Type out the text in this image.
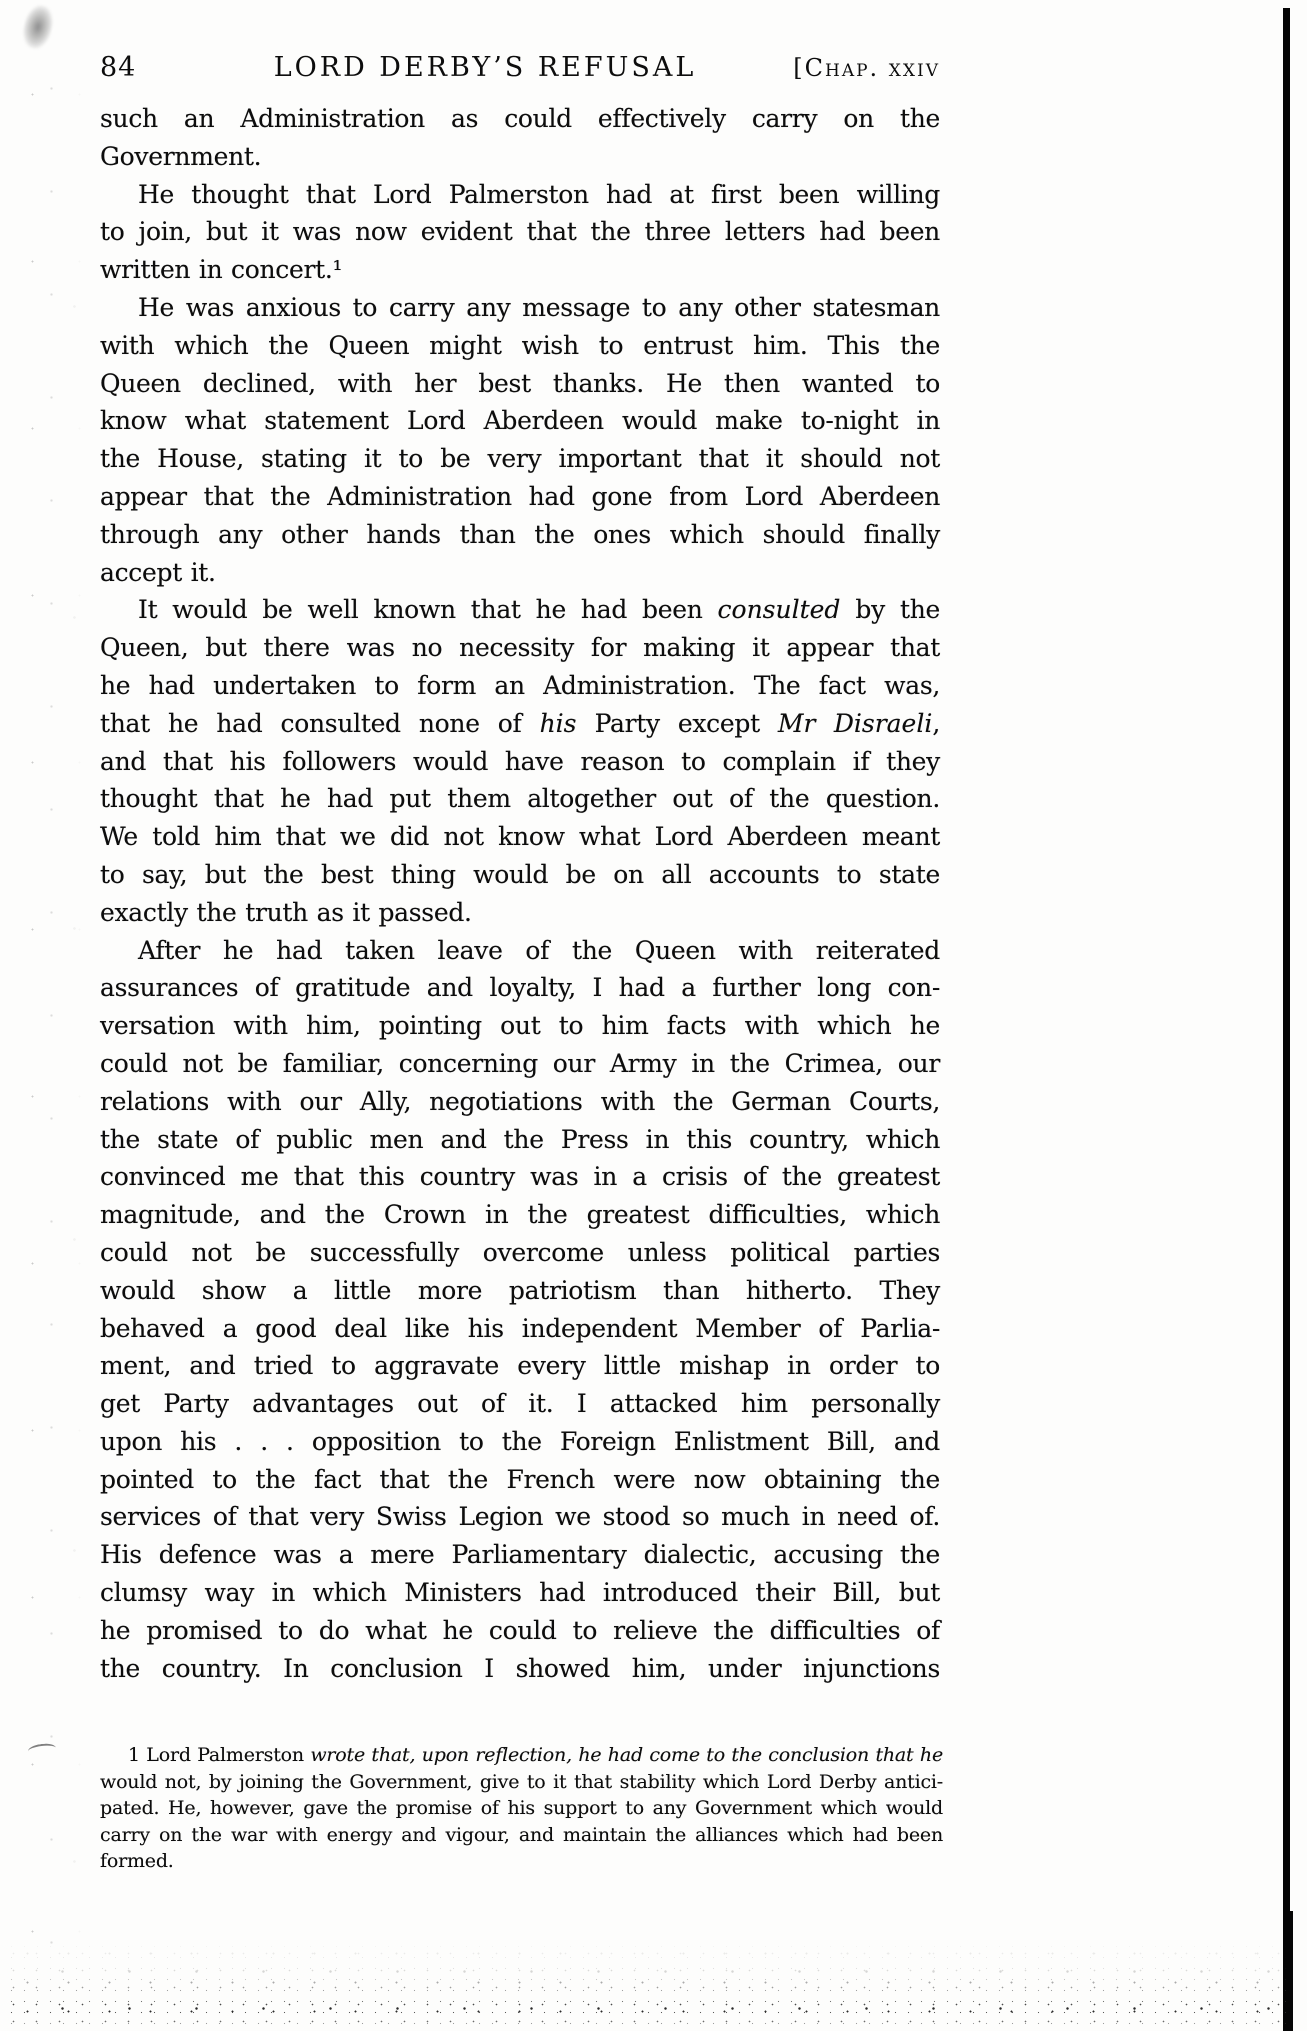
84	LORD DERBY’S REFUSAL	[Chap. xxiv
such an Administration as could effectively carry on the
Government.
He thought that Lord Palmerston had at first been willing
to join, but it was now evident that the three letters had been
written in concert.¹
He was anxious to carry any message to any other statesman
with which the Queen might wish to entrust him. This the
Queen declined, with her best thanks. He then wanted to
know what statement Lord Aberdeen would make to-night in
the House, stating it to be very important that it should not
appear that the Administration had gone from Lord Aberdeen
through any other hands than the ones which should finally
accept it.
It would be well known that he had been consulted by the
Queen, but there was no necessity for making it appear that
he had undertaken to form an Administration. The fact was,
that he had consulted none of his Party except Mr Disraeli,
and that his followers would have reason to complain if they
thought that he had put them altogether out of the question.
We told him that we did not know what Lord Aberdeen meant
to say, but the best thing would be on all accounts to state
exactly the truth as it passed.
After he had taken leave of the Queen with reiterated
assurances of gratitude and loyalty, I had a further long con-
versation with him, pointing out to him facts with which he
could not be familiar, concerning our Army in the Crimea, our
relations with our Ally, negotiations with the German Courts,
the state of public men and the Press in this country, which
convinced me that this country was in a crisis of the greatest
magnitude, and the Crown in the greatest difficulties, which
could not be successfully overcome unless political parties
would show a little more patriotism than hitherto. They
behaved a good deal like his independent Member of Parlia-
ment, and tried to aggravate every little mishap in order to
get Party advantages out of it. I attacked him personally
upon his . . . opposition to the Foreign Enlistment Bill, and
pointed to the fact that the French were now obtaining the
services of that very Swiss Legion we stood so much in need of.
His defence was a mere Parliamentary dialectic, accusing the
clumsy way in which Ministers had introduced their Bill, but
he promised to do what he could to relieve the difficulties of
the country. In conclusion I showed him, under injunctions
1 Lord Palmerston wrote that, upon reflection, he had come to the conclusion that he
would not, by joining the Government, give to it that stability which Lord Derby antici-
pated. He, however, gave the promise of his support to any Government which would
carry on the war with energy and vigour, and maintain the alliances which had been
formed.
